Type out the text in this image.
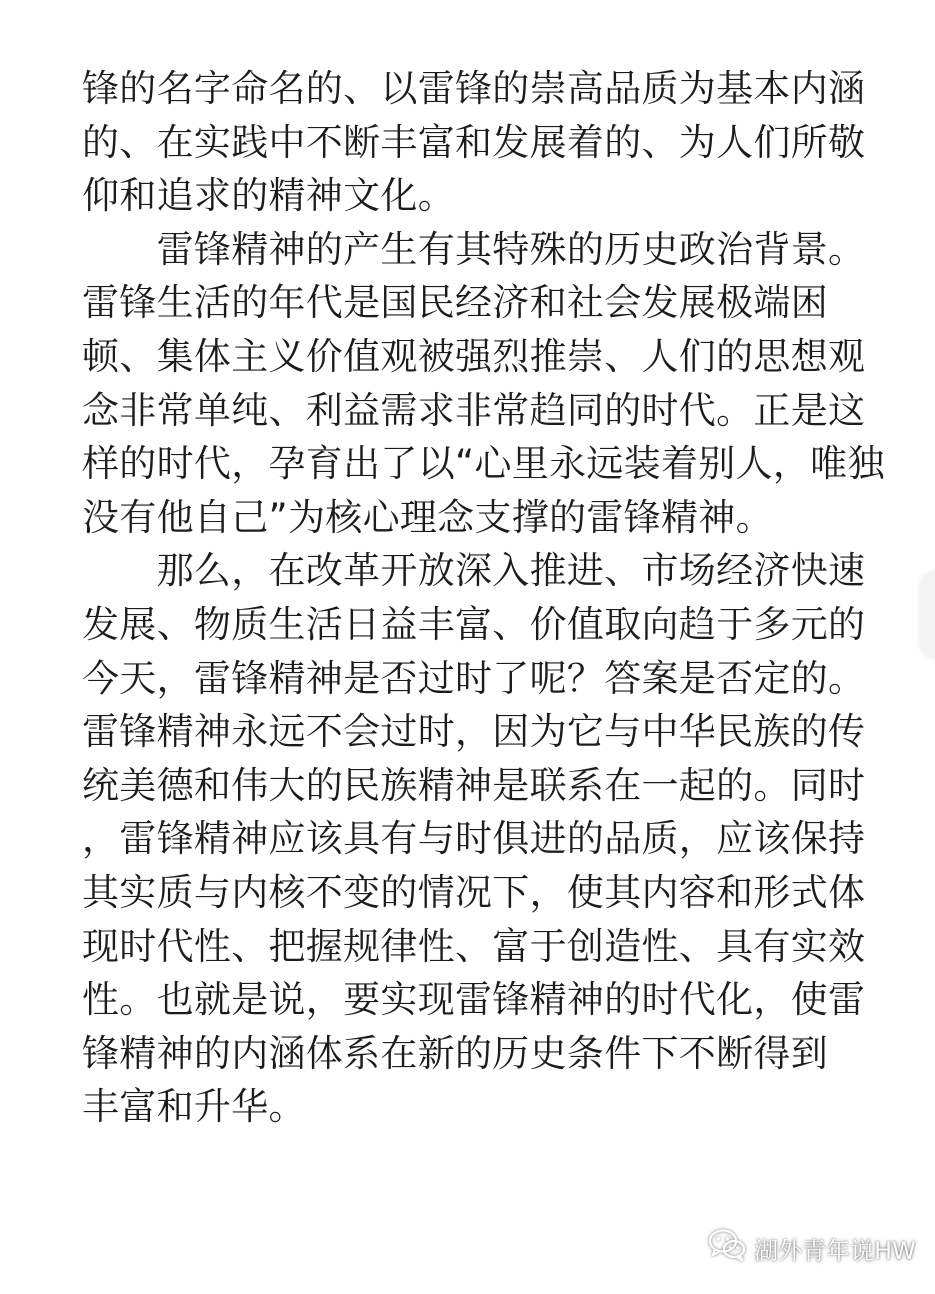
锋的名字命名的、以雷锋的崇高品质为基本内涵
的、在实践中不断丰富和发展着的、为人们所敬
仰和追求的精神文化。
　　雷锋精神的产生有其特殊的历史政治背景。
雷锋生活的年代是国民经济和社会发展极端困
顿、集体主义价值观被强烈推崇、人们的思想观
念非常单纯、利益需求非常趋同的时代。正是这
样的时代，孕育出了以“心里永远装着别人，唯独
没有他自己”为核心理念支撑的雷锋精神。
　　那么，在改革开放深入推进、市场经济快速
发展、物质生活日益丰富、价值取向趋于多元的
今天，雷锋精神是否过时了呢？答案是否定的。
雷锋精神永远不会过时，因为它与中华民族的传
统美德和伟大的民族精神是联系在一起的。同时
，雷锋精神应该具有与时俱进的品质，应该保持
其实质与内核不变的情况下，使其内容和形式体
现时代性、把握规律性、富于创造性、具有实效
性。也就是说，要实现雷锋精神的时代化，使雷
锋精神的内涵体系在新的历史条件下不断得到
丰富和升华。
湖外青年说HW
